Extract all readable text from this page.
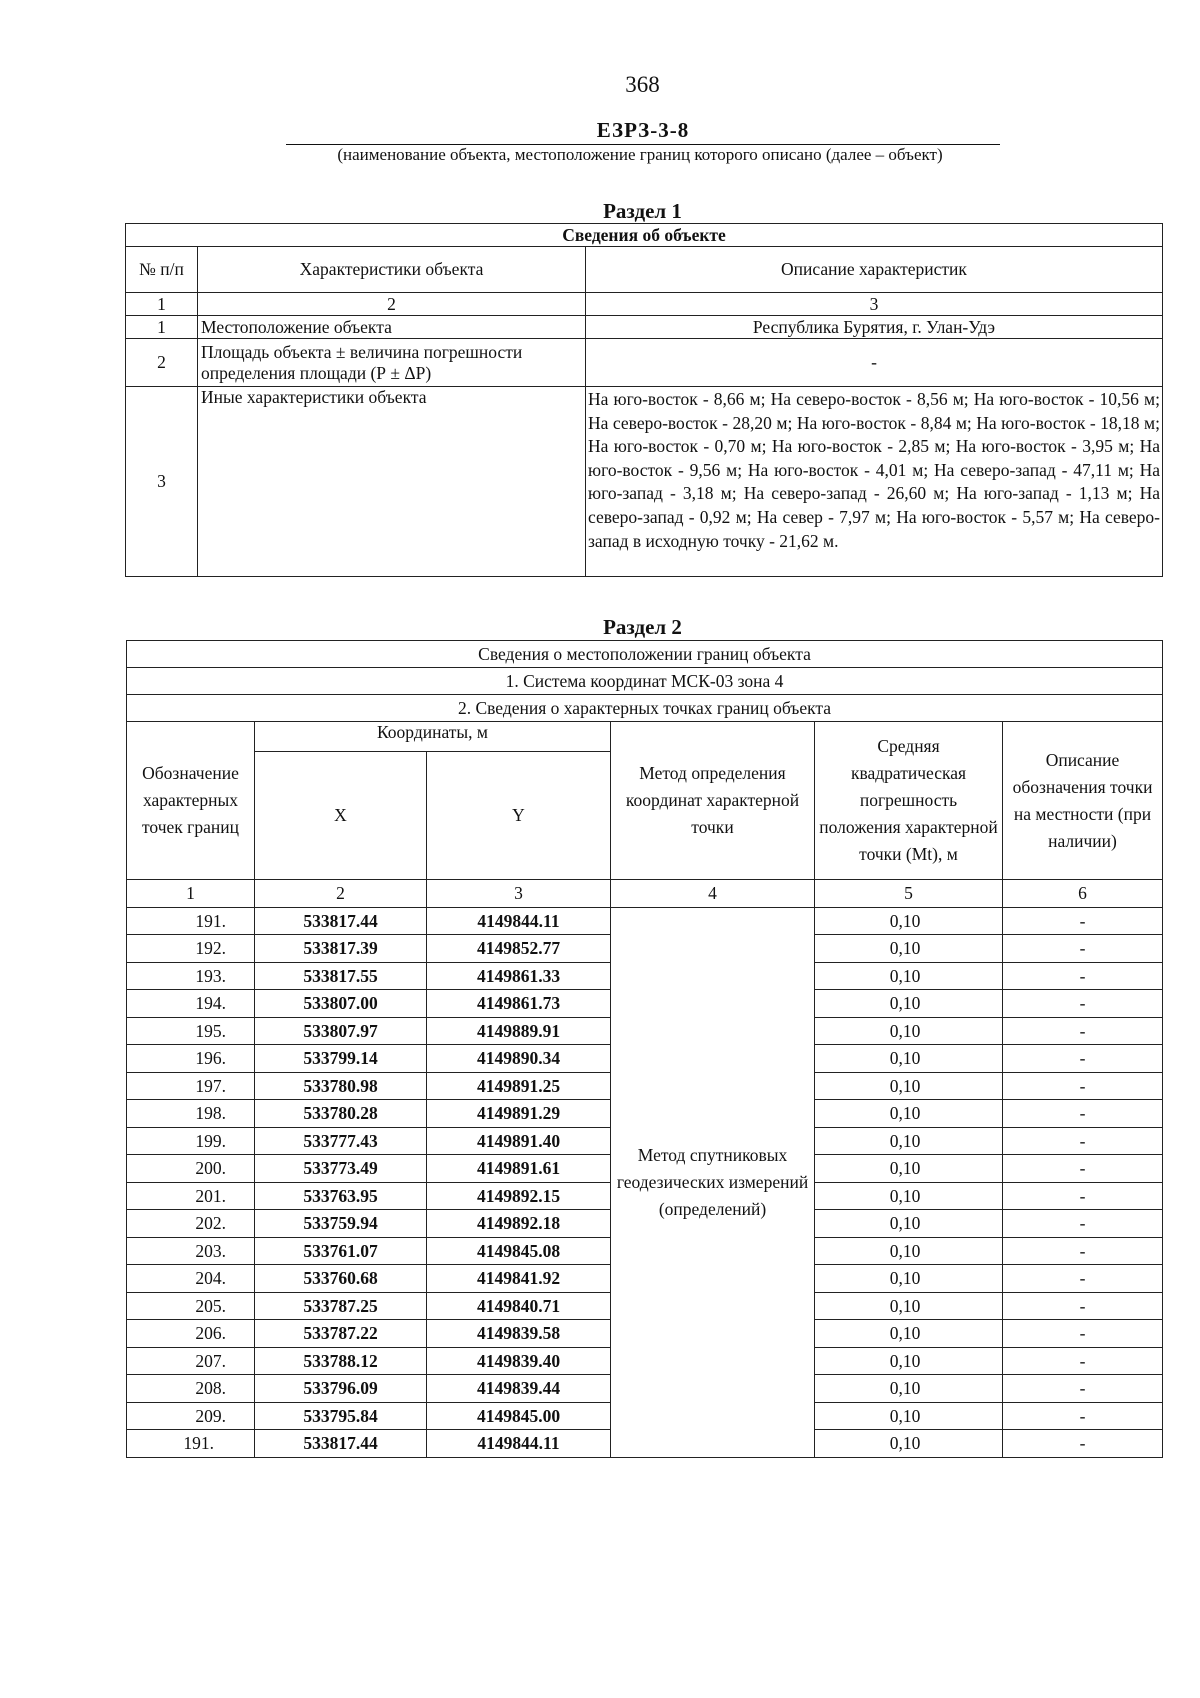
368
ЕЗРЗ-3-8
(наименование объекта, местоположение границ которого описано (далее – объект)
Раздел 1
Сведения об объекте		
№ п/п	Характеристики объекта	Описание характеристик
1	2	3
1	Местоположение объекта	Республика Бурятия, г. Улан-Удэ
2	Площадь объекта ± величина погрешности определения площади (Р ± ΔР)	-
3	Иные характеристики объекта	На юго-восток - 8,66 м; На северо-восток - 8,56 м; На юго-восток - 10,56 м; На северо-восток - 28,20 м; На юго-восток - 8,84 м; На юго-восток - 18,18 м; На юго-восток - 0,70 м; На юго-восток - 2,85 м; На юго-восток - 3,95 м; На юго-восток - 9,56 м; На юго-восток - 4,01 м; На северо-запад - 47,11 м; На юго-запад - 3,18 м; На северо-запад - 26,60 м; На юго-запад - 1,13 м; На северо-запад - 0,92 м; На север - 7,97 м; На юго-восток - 5,57 м; На северо-запад в исходную точку - 21,62 м.
Раздел 2
Сведения о местоположении границ объекта					
1. Система координат МСК-03 зона 4					
2. Сведения о характерных точках границ объекта					
Обозначение характерных точек границ	Координаты, м		Метод определения координат характерной точки	Средняя квадратическая погрешность положения характерной точки (Mt), м	Описание обозначения точки на местности (при наличии)
	X	Y			
1	2	3	4	5	6
191.	533817.44	4149844.11	Метод спутниковых геодезических измерений (определений)	0,10	-
192.	533817.39	4149852.77		0,10	-
193.	533817.55	4149861.33		0,10	-
194.	533807.00	4149861.73		0,10	-
195.	533807.97	4149889.91		0,10	-
196.	533799.14	4149890.34		0,10	-
197.	533780.98	4149891.25		0,10	-
198.	533780.28	4149891.29		0,10	-
199.	533777.43	4149891.40		0,10	-
200.	533773.49	4149891.61		0,10	-
201.	533763.95	4149892.15		0,10	-
202.	533759.94	4149892.18		0,10	-
203.	533761.07	4149845.08		0,10	-
204.	533760.68	4149841.92		0,10	-
205.	533787.25	4149840.71		0,10	-
206.	533787.22	4149839.58		0,10	-
207.	533788.12	4149839.40		0,10	-
208.	533796.09	4149839.44		0,10	-
209.	533795.84	4149845.00		0,10	-
191.	533817.44	4149844.11		0,10	-
